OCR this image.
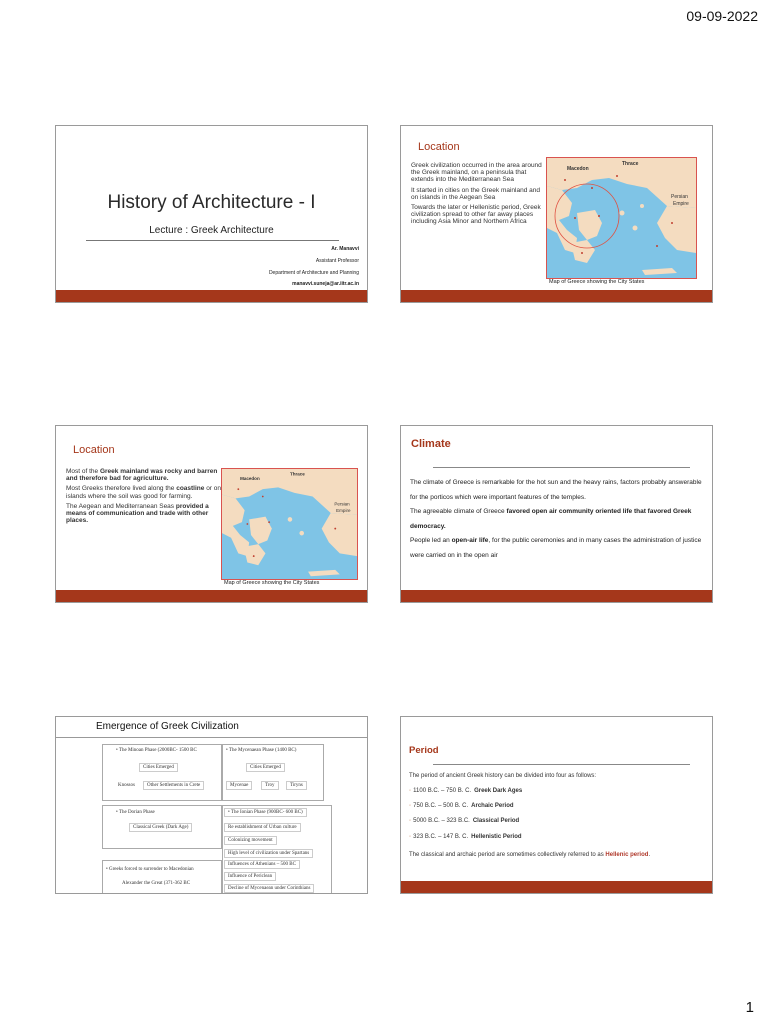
09-09-2022
History of Architecture - I
Lecture : Greek Architecture
Ar. Manavvi
Assistant Professor
Department of Architecture and Planning
manavvi.suneja@ar.iitr.ac.in
Location

Greek civilization occurred in the area around the Greek mainland, on a peninsula that extends into the Mediterranean Sea

It started in cities on the Greek mainland and on islands in the Aegean Sea

Towards the later or Hellenistic period, Greek civilization spread to other far away places including Asia Minor and Northern Africa

Macedon
Thrace
Persian
Empire
Map of Greece showing the City States
Location

Most of the Greek mainland was rocky and barren and therefore bad for agriculture.

Most Greeks therefore lived along the coastline or on islands where the soil was good for farming.

The Aegean and Mediterranean Seas provided a means of communication and trade with other places.

Macedon
Thrace
Persian
Empire
Map of Greece showing the City States
Climate

The climate of Greece is remarkable for the hot sun and the heavy rains, factors probably answerable for the porticos which were important features of the temples.

The agreeable climate of Greece favored open air community oriented life that favored Greek democracy.

People led an open-air life, for the public ceremonies and in many cases the administration of justice were carried on in the open air

Emergence of Greek Civilization
• The Minoan Phase (2000BC- 1500 BC
Cities Emerged
Knossos	Other Settlements in Crete
• The Mycenaean Phase (1400 BC)
Cities Emerged
Mycenae	Troy	Tiryns
• The Dorian Phase
Classical Greek (Dark Age)
• The Ionian Phase (900BC- 600 BC)
Re establishment of Urban culture
Colonizing movement
High level of civilization under Spartans
Influences of Athenians – 500 BC
Influence of Periclean
Decline of Mycenaean under Corinthians
• Greeks forced to surrender to Macedonian
Alexander the Great (371-362 BC
Period
The period of ancient Greek history can be divided into four as follows:
◦ 1100 B.C. – 750 B. C. Greek Dark Ages
◦ 750 B.C. – 500 B. C. Archaic Period
◦ 5000 B.C. – 323 B.C. Classical Period
◦ 323 B.C. – 147 B. C. Hellenistic Period
The classical and archaic period are sometimes collectively referred to as Hellenic period.
1
